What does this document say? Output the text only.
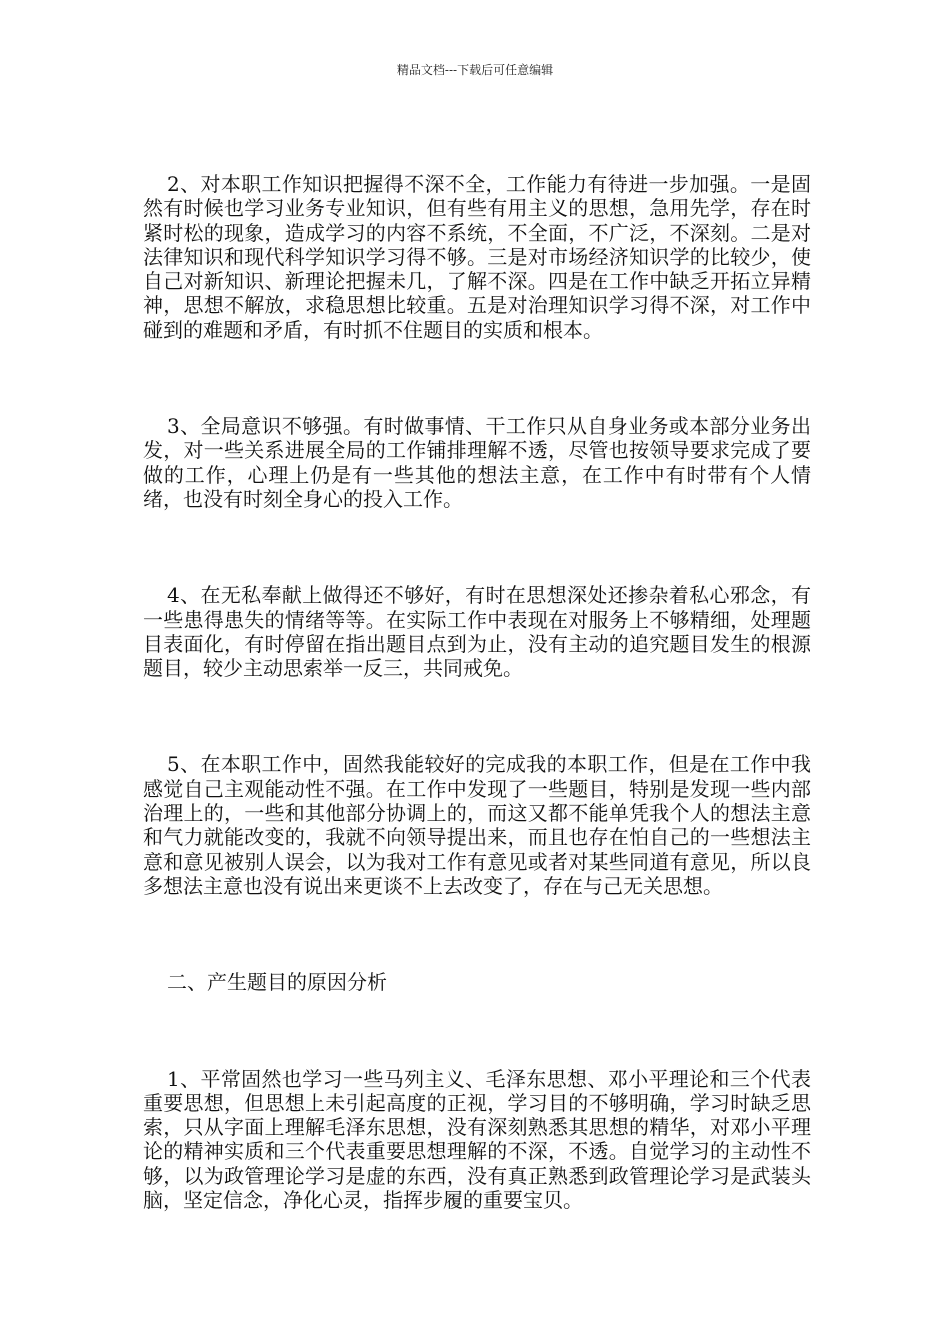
精品文档---下载后可任意编辑

2、对本职工作知识把握得不深不全，工作能力有待进一步加强。一是固然有时候也学习业务专业知识，但有些有用主义的思想，急用先学，存在时紧时松的现象，造成学习的内容不系统，不全面，不广泛，不深刻。二是对法律知识和现代科学知识学习得不够。三是对市场经济知识学的比较少，使自己对新知识、新理论把握未几，了解不深。四是在工作中缺乏开拓立异精神，思想不解放，求稳思想比较重。五是对治理知识学习得不深，对工作中碰到的难题和矛盾，有时抓不住题目的实质和根本。

3、全局意识不够强。有时做事情、干工作只从自身业务或本部分业务出发，对一些关系进展全局的工作铺排理解不透，尽管也按领导要求完成了要做的工作，心理上仍是有一些其他的想法主意，在工作中有时带有个人情绪，也没有时刻全身心的投入工作。

4、在无私奉献上做得还不够好，有时在思想深处还掺杂着私心邪念，有一些患得患失的情绪等等。在实际工作中表现在对服务上不够精细，处理题目表面化，有时停留在指出题目点到为止，没有主动的追究题目发生的根源题目，较少主动思索举一反三，共同戒免。

5、在本职工作中，固然我能较好的完成我的本职工作，但是在工作中我感觉自己主观能动性不强。在工作中发现了一些题目，特别是发现一些内部治理上的，一些和其他部分协调上的，而这又都不能单凭我个人的想法主意和气力就能改变的，我就不向领导提出来，而且也存在怕自己的一些想法主意和意见被别人误会，以为我对工作有意见或者对某些同道有意见，所以良多想法主意也没有说出来更谈不上去改变了，存在与己无关思想。

二、产生题目的原因分析

1、平常固然也学习一些马列主义、毛泽东思想、邓小平理论和三个代表重要思想，但思想上未引起高度的正视，学习目的不够明确，学习时缺乏思索，只从字面上理解毛泽东思想，没有深刻熟悉其思想的精华，对邓小平理论的精神实质和三个代表重要思想理解的不深，不透。自觉学习的主动性不够，以为政管理论学习是虚的东西，没有真正熟悉到政管理论学习是武装头脑，坚定信念，净化心灵，指挥步履的重要宝贝。
